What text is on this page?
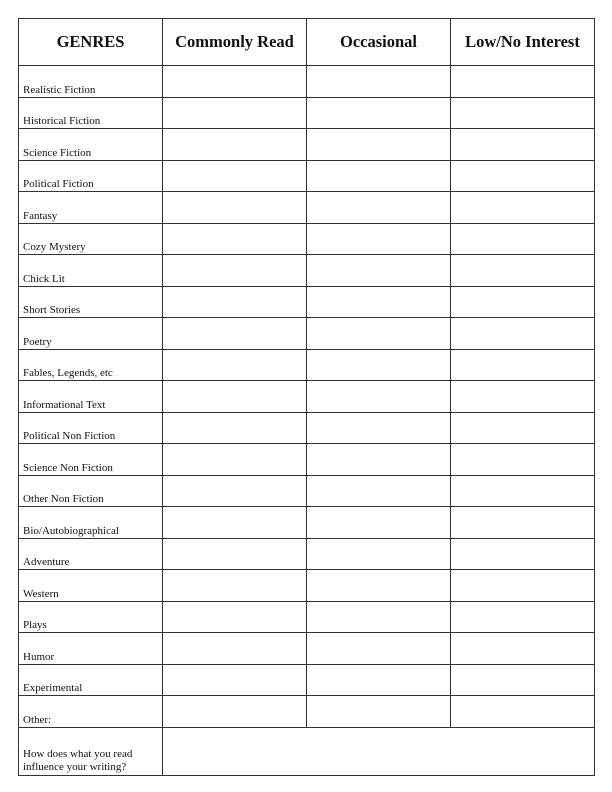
GENRES	Commonly Read	Occasional	Low/No Interest
Realistic Fiction			
Historical Fiction			
Science Fiction			
Political Fiction			
Fantasy			
Cozy Mystery			
Chick Lit			
Short Stories			
Poetry			
Fables, Legends, etc			
Informational Text			
Political Non Fiction			
Science Non Fiction			
Other Non Fiction			
Bio/Autobiographical			
Adventure			
Western			
Plays			
Humor			
Experimental			
Other:			
How does what you read
influence your writing?			
